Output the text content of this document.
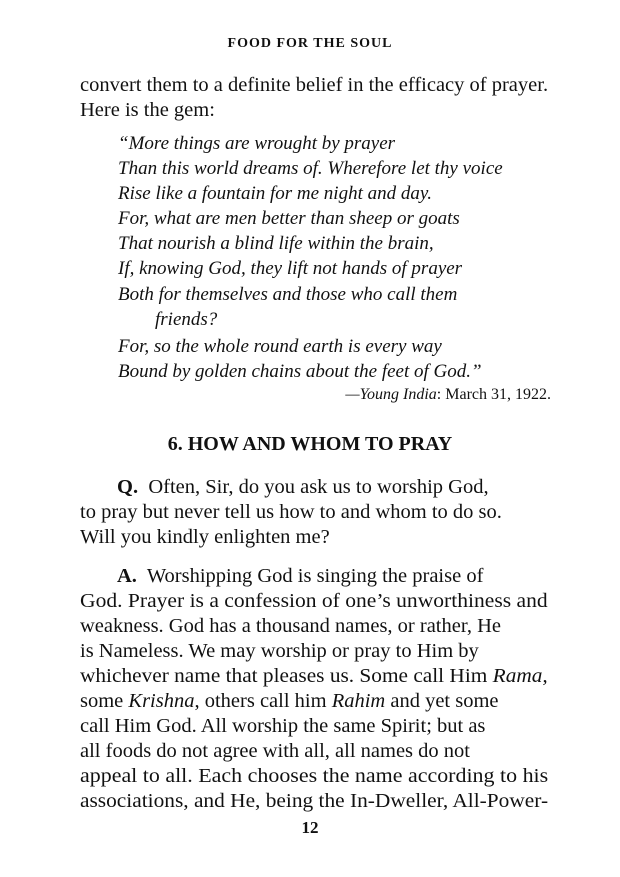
FOOD FOR THE SOUL
convert them to a definite belief in the efficacy of prayer.
Here is the gem:
“More things are wrought by prayer
Than this world dreams of. Wherefore let thy voice
Rise like a fountain for me night and day.
For, what are men better than sheep or goats
That nourish a blind life within the brain,
If, knowing God, they lift not hands of prayer
Both for themselves and those who call them
friends?
For, so the whole round earth is every way
Bound by golden chains about the feet of God.”
—Young India: March 31, 1922.
6. HOW AND WHOM TO PRAY
Q. Often, Sir, do you ask us to worship God,
to pray but never tell us how to and whom to do so.
Will you kindly enlighten me?
A. Worshipping God is singing the praise of
God. Prayer is a confession of one’s unworthiness and
weakness. God has a thousand names, or rather, He
is Nameless. We may worship or pray to Him by
whichever name that pleases us. Some call Him Rama,
some Krishna, others call him Rahim and yet some
call Him God. All worship the same Spirit; but as
all foods do not agree with all, all names do not
appeal to all. Each chooses the name according to his
associations, and He, being the In-Dweller, All-Power-
12
